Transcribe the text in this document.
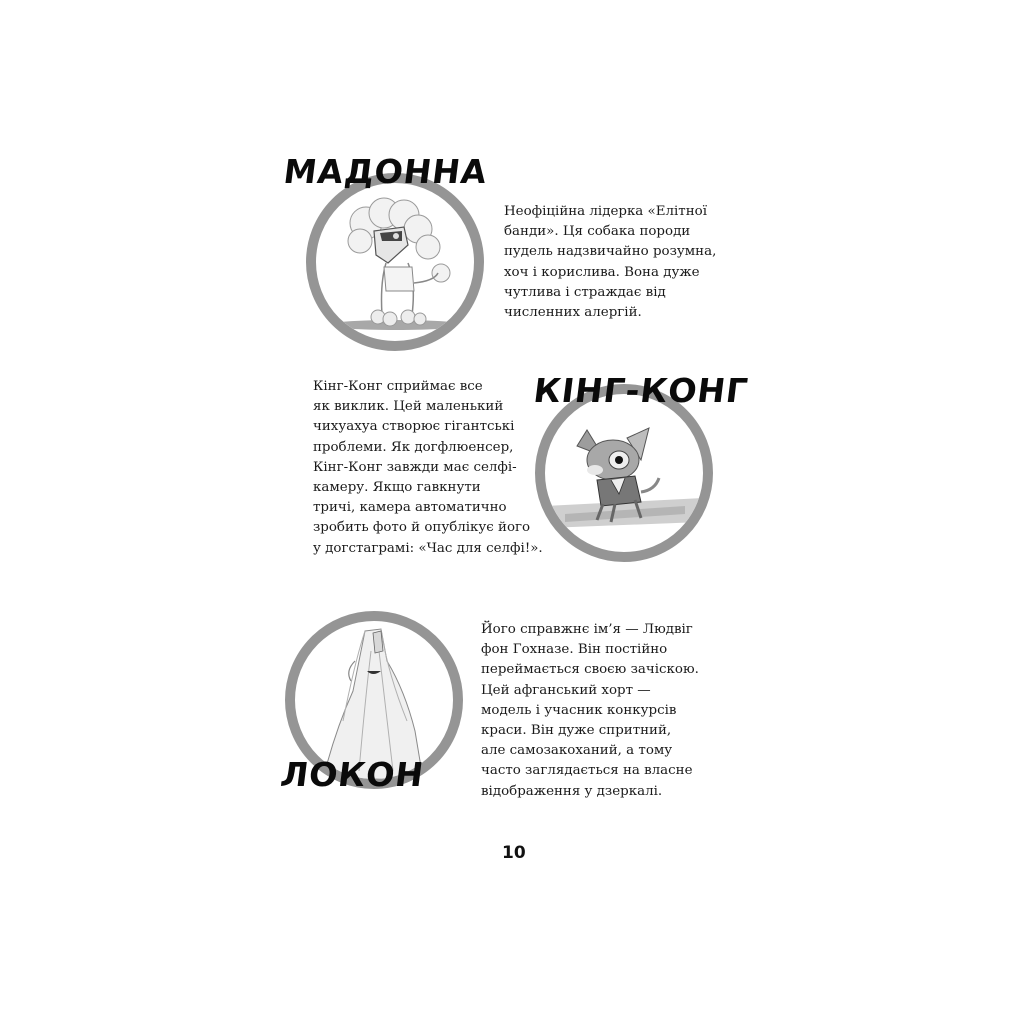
МАДОННА

Неофіційна лідерка «Елітної
банди». Ця собака породи
пудель надзвичайно розумна,
хоч і корислива. Вона дуже
чутлива і страждає від
численних алергій.

Кінг-Конг сприймає все
як виклик. Цей маленький
чихуахуа створює гігантські
проблеми. Як догфлюенсер,
Кінг-Конг завжди має селфі-
камеру. Якщо гавкнути
тричі, камера автоматично
зробить фото й опублікує його
у догстаграмі: «Час для селфі!».

КІНГ-КОНГ
ЛОКОН

Його справжнє ім’я — Людвіг
фон Гохназе. Він постійно
переймається своєю зачіскою.
Цей афганський хорт —
модель і учасник конкурсів
краси. Він дуже спритний,
але самозакоханий, а тому
часто заглядається на власне
відображення у дзеркалі.

10
